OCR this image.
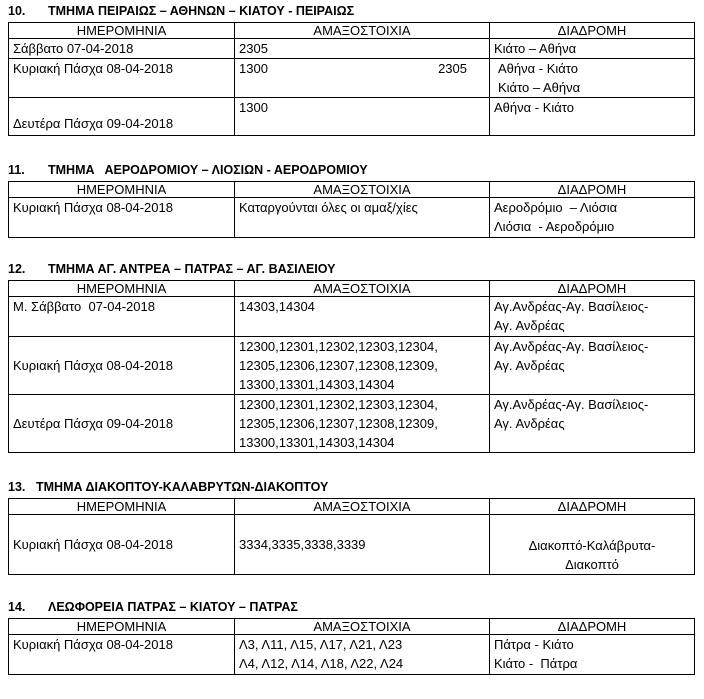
10. ΤΜΗΜΑ ΠΕΙΡΑΙΩΣ – ΑΘΗΝΩΝ – ΚΙΑΤΟΥ - ΠΕΙΡΑΙΩΣ
ΗΜΕΡΟΜΗΝΙΑ	ΑΜΑΞΟΣΤΟΙΧΙΑ	ΔΙΑΔΡΟΜΗ
Σάββατο 07-04-2018	2305	Κιάτο – Αθήνα
Κυριακή Πάσχα 08-04-2018	1300 2305	Αθήνα - Κιάτο
Κιάτο – Αθήνα

Δευτέρα Πάσχα 09-04-2018	1300	Αθήνα - Κιάτο
11. ΤΜΗΜΑ   ΑΕΡΟΔΡΟΜΙΟΥ – ΛΙΟΣΙΩΝ - ΑΕΡΟΔΡΟΜΙΟΥ
ΗΜΕΡΟΜΗΝΙΑ	ΑΜΑΞΟΣΤΟΙΧΙΑ	ΔΙΑΔΡΟΜΗ
Κυριακή Πάσχα 08-04-2018	Καταργούνται όλες οι αμαξ/χίες	Αεροδρόμιο  – Λιόσια
Λιόσια  - Αεροδρόμιο
12. ΤΜΗΜΑ ΑΓ. ΑΝΤΡΕΑ – ΠΑΤΡΑΣ – ΑΓ. ΒΑΣΙΛΕΙΟΥ
ΗΜΕΡΟΜΗΝΙΑ	ΑΜΑΞΟΣΤΟΙΧΙΑ	ΔΙΑΔΡΟΜΗ
Μ. Σάββατο  07-04-2018	14303,14304	Αγ.Ανδρέας-Αγ. Βασίλειος-
Αγ. Ανδρέας

Κυριακή Πάσχα 08-04-2018	12300,12301,12302,12303,12304,
12305,12306,12307,12308,12309,
13300,13301,14303,14304	Αγ.Ανδρέας-Αγ. Βασίλειος-
Αγ. Ανδρέας

Δευτέρα Πάσχα 09-04-2018	12300,12301,12302,12303,12304,
12305,12306,12307,12308,12309,
13300,13301,14303,14304	Αγ.Ανδρέας-Αγ. Βασίλειος-
Αγ. Ανδρέας
13. ΤΜΗΜΑ ΔΙΑΚΟΠΤΟΥ-ΚΑΛΑΒΡΥΤΩΝ-ΔΙΑΚΟΠΤΟΥ
ΗΜΕΡΟΜΗΝΙΑ	ΑΜΑΞΟΣΤΟΙΧΙΑ	ΔΙΑΔΡΟΜΗ
Κυριακή Πάσχα 08-04-2018	3334,3335,3338,3339	Διακοπτό-Καλάβρυτα-
Διακοπτό
14. ΛΕΩΦΟΡΕΙΑ ΠΑΤΡΑΣ – ΚΙΑΤΟΥ – ΠΑΤΡΑΣ
ΗΜΕΡΟΜΗΝΙΑ	ΑΜΑΞΟΣΤΟΙΧΙΑ	ΔΙΑΔΡΟΜΗ
Κυριακή Πάσχα 08-04-2018	Λ3, Λ11, Λ15, Λ17, Λ21, Λ23
Λ4, Λ12, Λ14, Λ18, Λ22, Λ24	Πάτρα - Κιάτο
Κιάτο -  Πάτρα
